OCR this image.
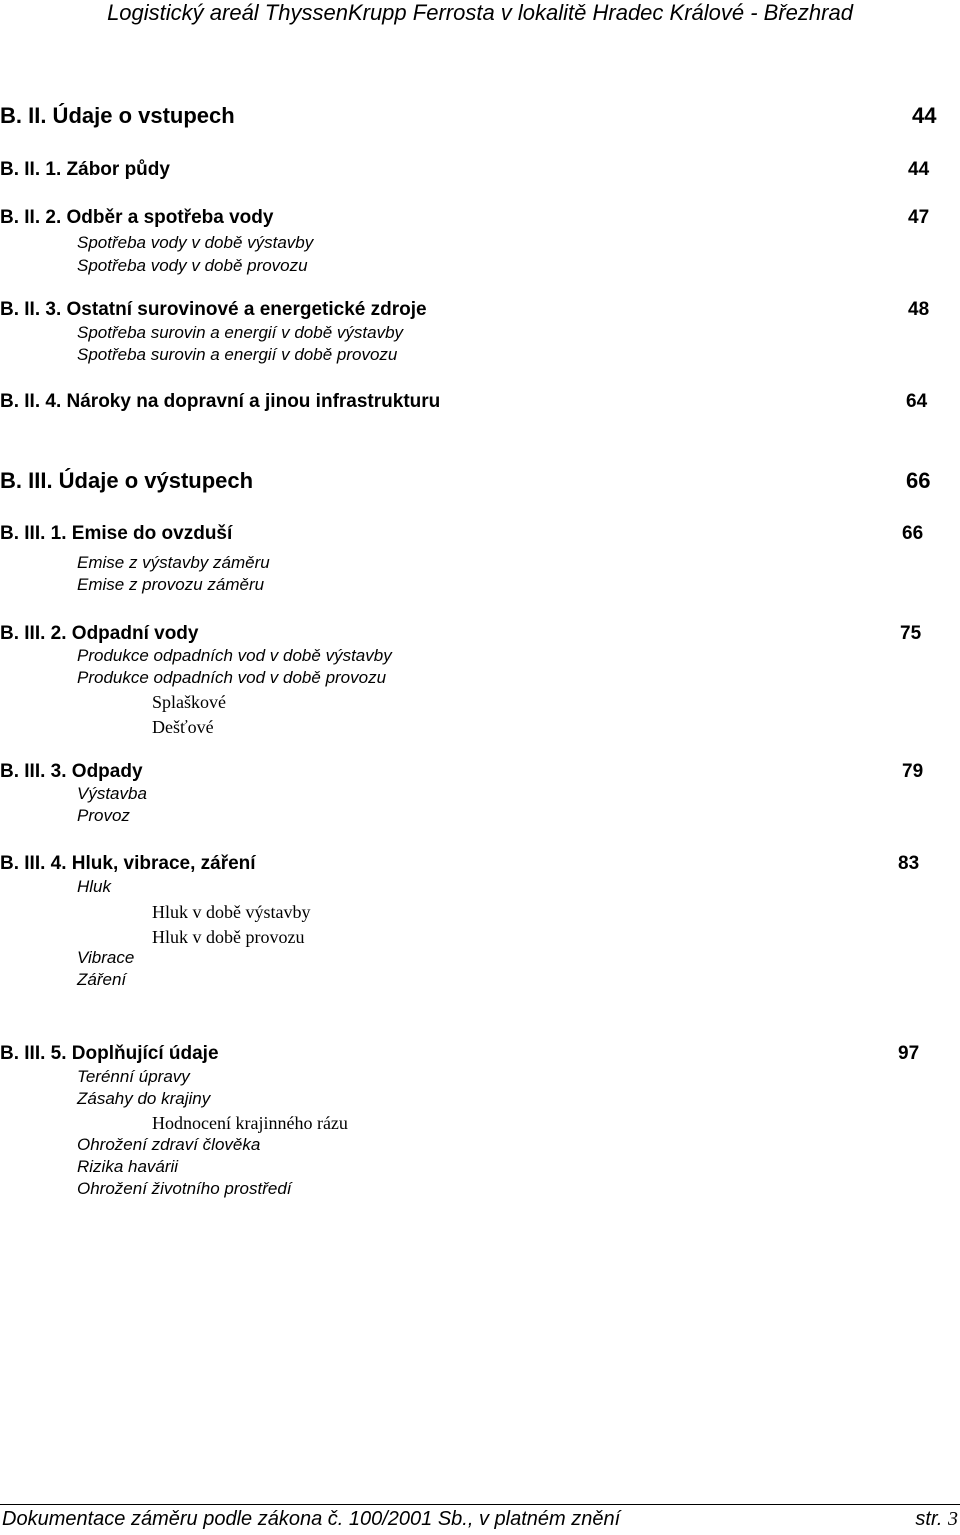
Logistický areál ThyssenKrupp Ferrosta v lokalitě Hradec Králové - Březhrad
B. II. Údaje o vstupech	44
B. II. 1. Zábor půdy	44
B. II. 2. Odběr a spotřeba vody	47
Spotřeba vody v době výstavby
Spotřeba vody v době provozu
B. II. 3. Ostatní surovinové a energetické zdroje	48
Spotřeba surovin a energií v době výstavby
Spotřeba surovin a energií v době provozu
B. II. 4. Nároky na dopravní a jinou infrastrukturu	64
B. III. Údaje o výstupech	66
B. III. 1. Emise do ovzduší	66
Emise z výstavby záměru
Emise z provozu záměru
B. III. 2. Odpadní vody	75
Produkce odpadních vod v době výstavby
Produkce odpadních vod v době provozu
Splaškové
Dešťové
B. III. 3. Odpady	79
Výstavba
Provoz
B. III. 4. Hluk, vibrace, záření	83
Hluk
Hluk v době výstavby
Hluk v době provozu
Vibrace
Záření
B. III. 5. Doplňující údaje	97
Terénní úpravy
Zásahy do krajiny
Hodnocení krajinného rázu
Ohrožení zdraví člověka
Rizika havárii
Ohrožení životního prostředí
Dokumentace záměru podle zákona č. 100/2001 Sb., v platném znění	str. 3
